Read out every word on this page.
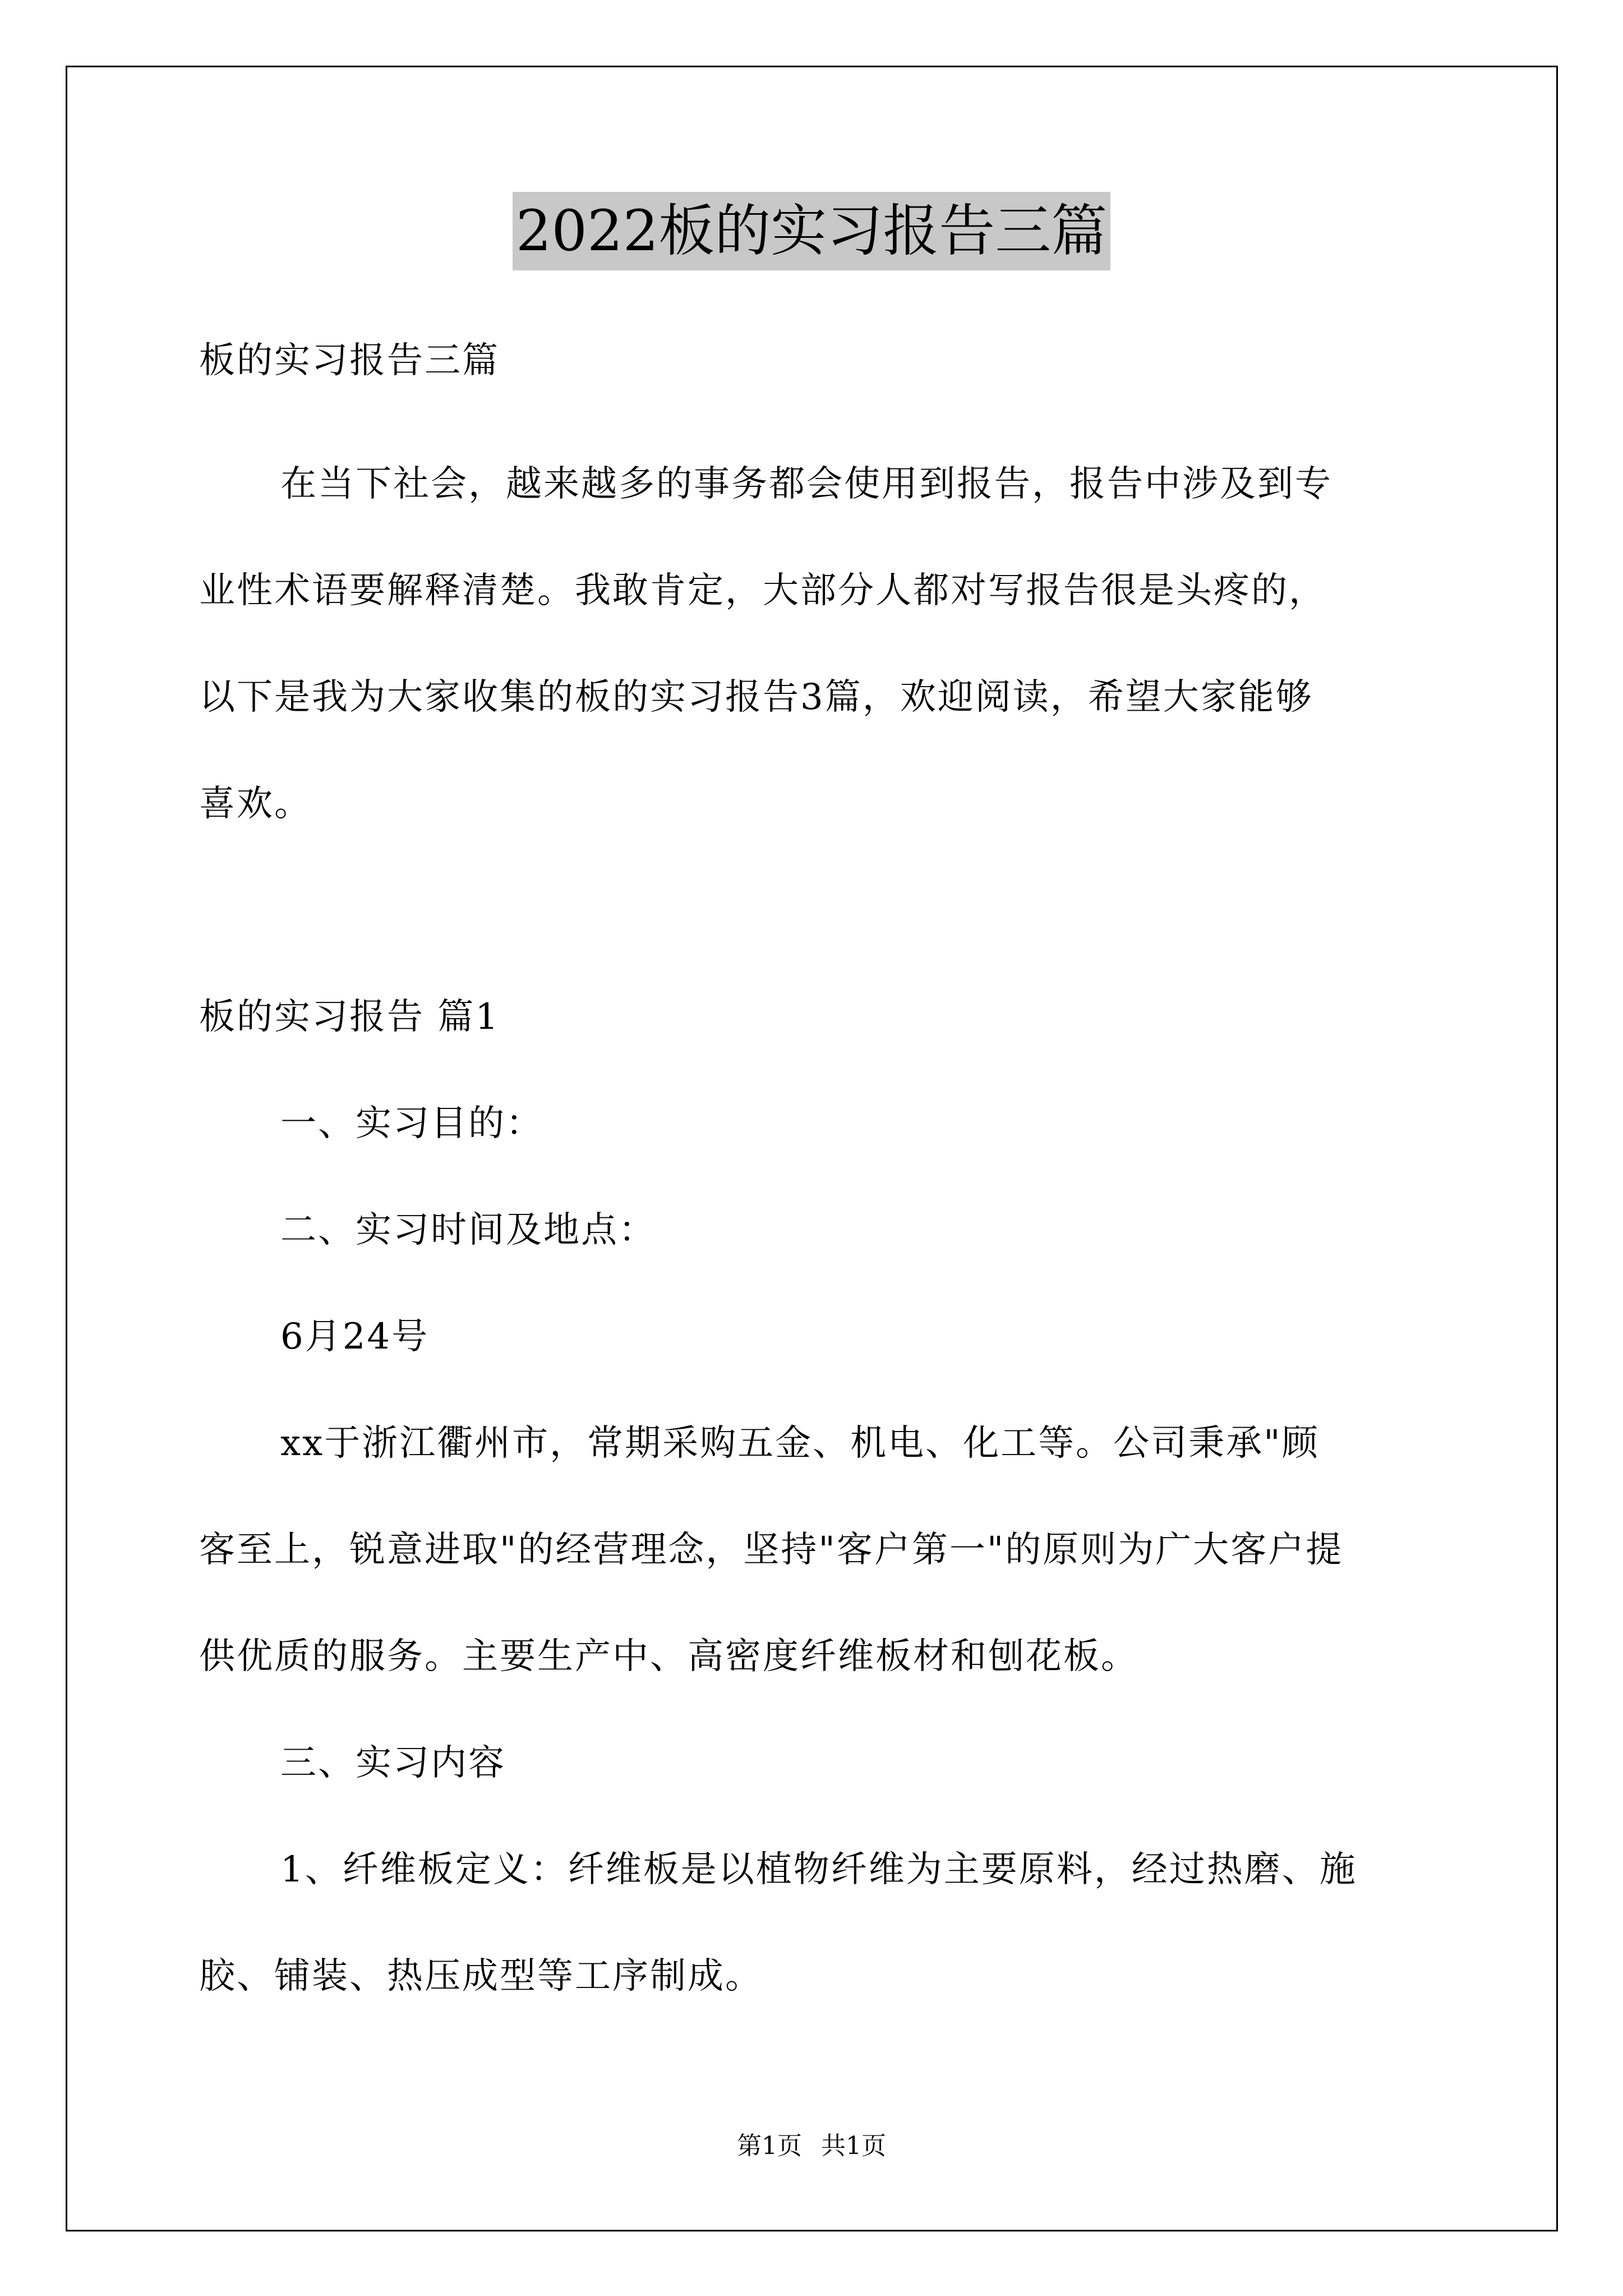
2022板的实习报告三篇
板的实习报告三篇
在当下社会，越来越多的事务都会使用到报告，报告中涉及到专
业性术语要解释清楚。我敢肯定，大部分人都对写报告很是头疼的，
以下是我为大家收集的板的实习报告3篇，欢迎阅读，希望大家能够
喜欢。
板的实习报告 篇1
一、实习目的：
二、实习时间及地点：
6月24号
xx于浙江衢州市，常期采购五金、机电、化工等。公司秉承"顾
客至上，锐意进取"的经营理念，坚持"客户第一"的原则为广大客户提
供优质的服务。主要生产中、高密度纤维板材和刨花板。
三、实习内容
1、纤维板定义：纤维板是以植物纤维为主要原料，经过热磨、施
胶、铺装、热压成型等工序制成。
第1页 共1页
